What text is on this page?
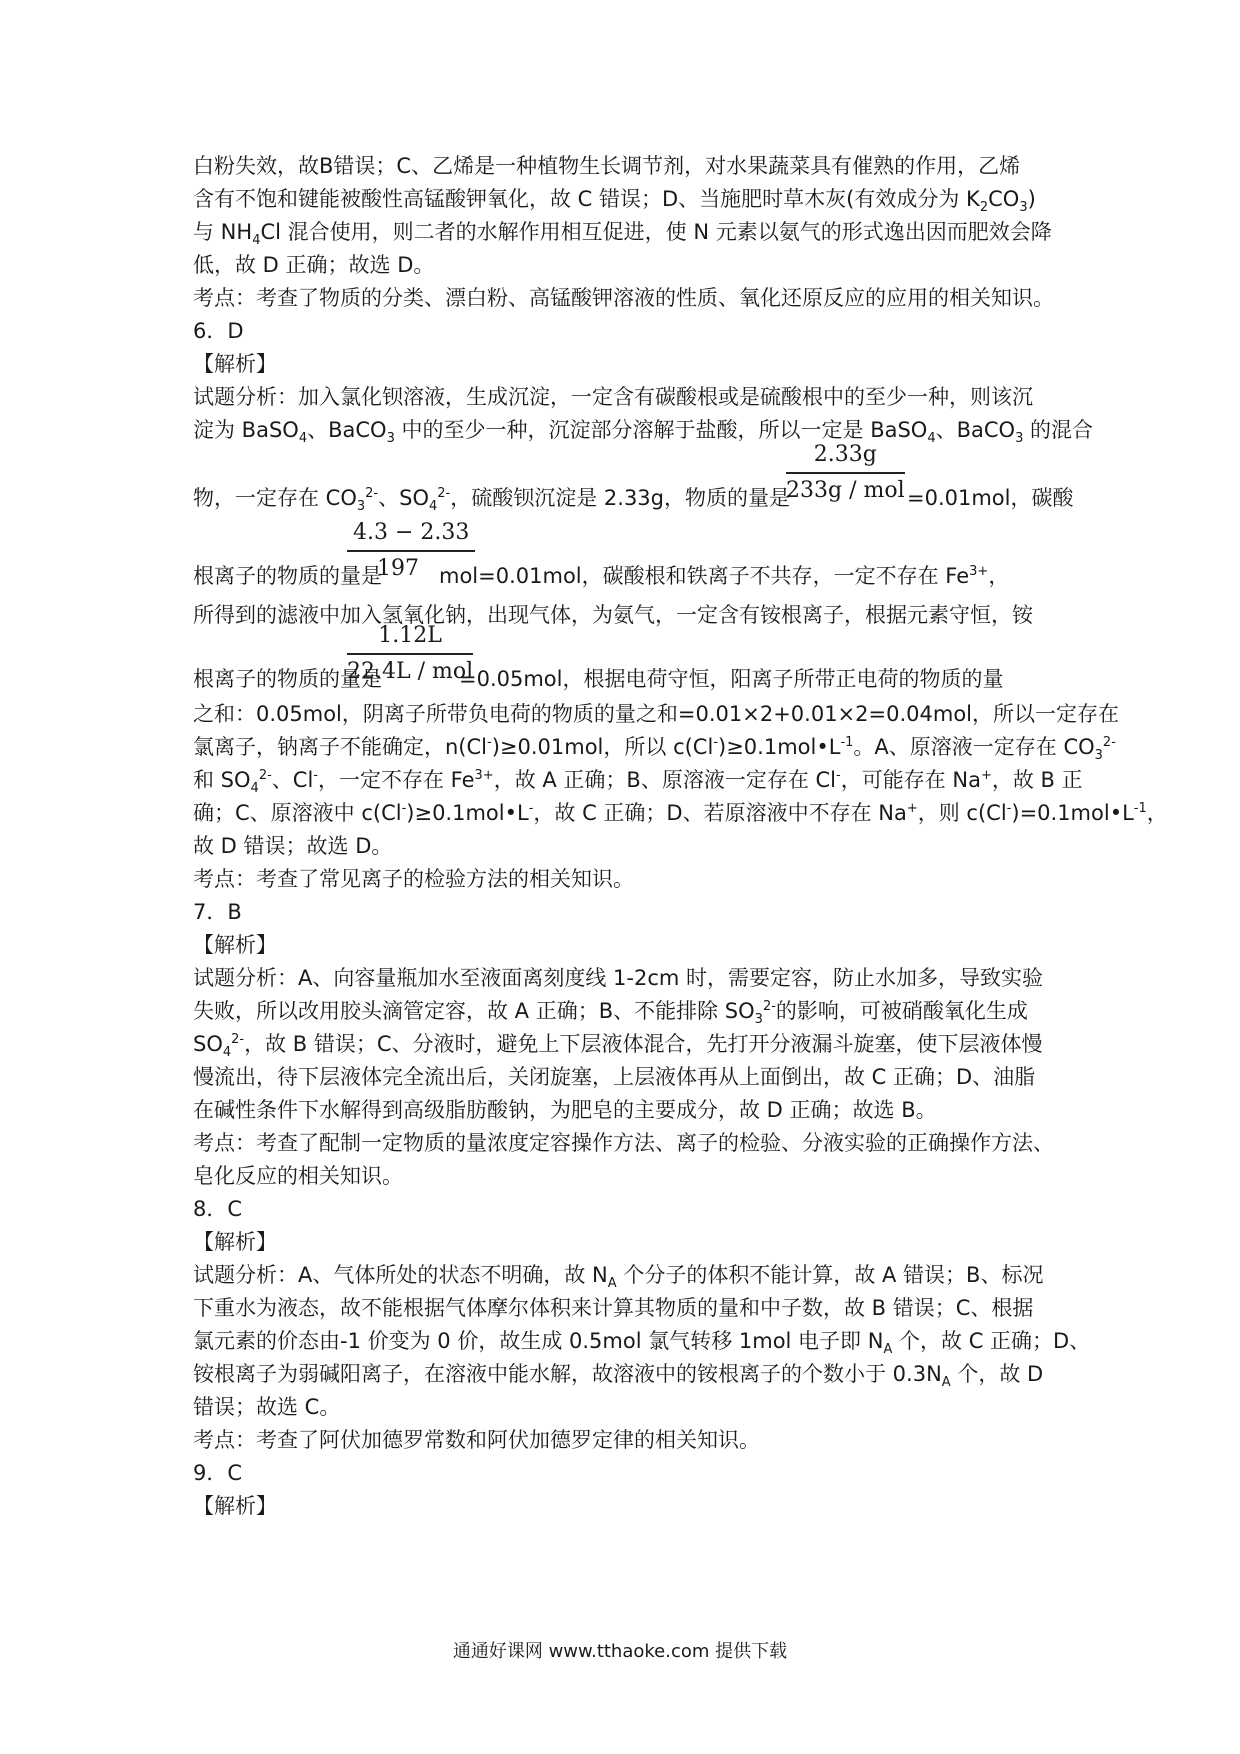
白粉失效，故B错误；C、乙烯是一种植物生长调节剂，对水果蔬菜具有催熟的作用，乙烯
含有不饱和键能被酸性高锰酸钾氧化，故 C 错误；D、当施肥时草木灰(有效成分为 $K_2CO_3$)
与 $NH_4Cl$ 混合使用，则二者的水解作用相互促进，使 N 元素以氨气的形式逸出因而肥效会降
低，故 D 正确；故选 D。
考点：考查了物质的分类、漂白粉、高锰酸钾溶液的性质、氧化还原反应的应用的相关知识。
6．D
【解析】
试题分析：加入氯化钡溶液，生成沉淀，一定含有碳酸根或是硫酸根中的至少一种，则该沉
淀为 BaSO$_4$、BaCO$_3$ 中的至少一种，沉淀部分溶解于盐酸，所以一定是 BaSO$_4$、BaCO$_3$ 的混合
物，一定存在 $CO_3^{2-}$、$SO_4^{2-}$，硫酸钡沉淀是 2.33g，物质的量是
2.33g
233g / mol =0.01mol，碳酸
根离子的物质的量是
$\frac{4.3 - 2.33}{197}$
mol=0.01mol，碳酸根和铁离子不共存，一定不存在 $Fe^{3+}$，
所得到的滤液中加入氢氧化钠，出现气体，为氨气，一定含有铵根离子，根据元素守恒，铵
根离子的物质的量是
1.12L
22.4L / mol
=0.05mol，根据电荷守恒，阳离子所带正电荷的物质的量
之和：0.05mol，阴离子所带负电荷的物质的量之和=0.01×2+0.01×2=0.04mol，所以一定存在
氯离子，钠离子不能确定，n(Cl-)≥0.01mol，所以 $c(Cl^-)\ge 0.1mol•L^{-1}$。A、原溶液一定存在 $CO_3^{2-}$
和 $SO_4^{2-}$、Cl-，一定不存在 $Fe^{3+}$，故 A 正确；B、原溶液一定存在 Cl-，可能存在 Na+，故 B 正
确；C、原溶液中 c(Cl-)≥0.1mol•L-，故 C 正确；D、若原溶液中不存在 Na+，则 $c(Cl^-)=0.1mol•L^{-1}$，
故 D 错误；故选 D。
考点：考查了常见离子的检验方法的相关知识。
7．B
【解析】
试题分析：A、向容量瓶加水至液面离刻度线 1-2cm 时，需要定容，防止水加多，导致实验
失败，所以改用胶头滴管定容，故 A 正确；B、不能排除 $SO_3^{2-}$的影响，可被硝酸氧化生成
$SO_4^{2-}$，故 B 错误；C、分液时，避免上下层液体混合，先打开分液漏斗旋塞，使下层液体慢
慢流出，待下层液体完全流出后，关闭旋塞，上层液体再从上面倒出，故 C 正确；D、油脂
在碱性条件下水解得到高级脂肪酸钠，为肥皂的主要成分，故 D 正确；故选 B。
考点：考查了配制一定物质的量浓度定容操作方法、离子的检验、分液实验的正确操作方法、
皂化反应的相关知识。
8．C
【解析】
试题分析：A、气体所处的状态不明确，故 $N_A$ 个分子的体积不能计算，故 A 错误；B、标况
下重水为液态，故不能根据气体摩尔体积来计算其物质的量和中子数，故 B 错误；C、根据
氯元素的价态由-1 价变为 0 价，故生成 0.5mol 氯气转移 1mol 电子即 $N_A$ 个，故 C 正确；D、
铵根离子为弱碱阳离子，在溶液中能水解，故溶液中的铵根离子的个数小于 $0.3N_A$ 个，故 D
错误；故选 C。
考点：考查了阿伏加德罗常数和阿伏加德罗定律的相关知识。
9．C
【解析】
通通好课网 www.tthaoke.com 提供下载
